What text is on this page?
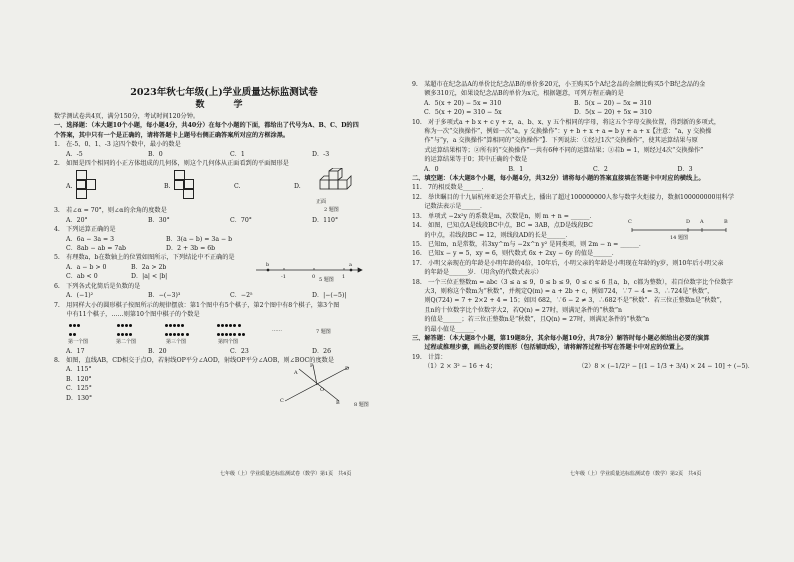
2023年秋七年级(上)学业质量达标监测试卷
数　学

数学测试卷共4页，满分150分，考试时间120分钟。

一、选择题：（本大题10个小题，每小题4分，共40分）在每个小题的下面，都给出了代号为A、B、C、D的四

个答案，其中只有一个是正确的，请将答题卡上题号右侧正确答案所对应的方框涂黑。

1.　在-5、0、1、-3 这四个数中，最小的数是

A．-5	B．0	C．1	D．-3

2.　如图是四个相同的小正方体组成的几何体，则这个几何体从正面看到的平面图形是

A.	B.	C.	D.
正面
2 题图

3.　若∠α = 70°，则∠α的余角的度数是

A．20°	B．30°	C．70°	D．110°

4.　下列运算正确的是

A．6a − 3a = 3	B．3(a − b) = 3a − b
C．8ab − ab = 7ab	D．2 + 3b = 6b

5.　有理数a，b在数轴上的位置如图所示，下列结论中不正确的是

A．a − b > 0	B．2a > 2b
C．ab < 0	D．|a| < |b|
b
-1	0	1
a
5 题图

6.　下列各式化简后是负数的是

A．(−1)²	B．−(−3)³	C．−2⁵	D．|−(−5)|

7.　用同样大小的圆形棋子按图所示的规律摆放：第1个图中有5个棋子，第2个图中有8个棋子，第3个图

　　中有11个棋子，……则第10个图中棋子的个数是

第一个图	第二个图	第三个图	第四个图
……	7 题图
A．17	B．20	C．23	D．26

8.　如图，直线AB，CD相交于点O，若射线OP平分∠AOD，射线OP平分∠AOB，则∠BOC的度数是

A．115°
B．120°
C．125°
D．130°
P
A
D
C
O
B	8 题图

9.　某超市在纪念品A的单价比纪念品B的单价多20元，小王购买5个A纪念品的金额比购买5个B纪念品的金

　　额多310元，如果设纪念品B的单价为x元，根据题意，可列方程正确的是

A．5(x + 20) − 5x = 310	B．5(x − 20) − 5x = 310
C．5(x + 20) = 310 − 5x	D．5(x − 20) + 5x = 310

10.　对于多项式a + b x + c y + z，a、b、x、y 五个相同的字母，将这五个字母交换位置，得到新的多项式，

　　称为一次“交换操作”，例如一次“a，y 交换操作”：y + b + x + a = b y + a + x【注意：“a，y 交换操

　　作”与“y，a 交换操作”算相同的“交换操作”】．下列说法：①经过1次“交换操作”，使其运算结果与原

　　式运算结果相等；②所有的“交换操作”一共有6种不同的运算结果；③若b = 1，则经过4次“交换操作”

　　的运算结果等于0；其中正确的个数是

A．0	B．1	C．2	D．3

二、填空题：（本大题8个小题，每小题4分，共32分）请将每小题的答案直接填在答题卡中对应的横线上。

11.　7的相反数是______．

12.　举世瞩目的十九届杭州亚运会开幕式上，播出了超过100000000人参与数字火炬接力，数据100000000用科学

　　记数法表示是______．

13.　单项式 −2x²y 的系数是m，次数是n，则 m + n = ______．

14.　如图，已知点A是线段BC中点，BC = 3AB，点D是线段BC

　　的中点，若线段BC = 12，则线段AD的长是______．

C	D A	B
14 题图

15.　已知m，n是常数，若3xy^m与 −2x^n y² 是同类项，则 2m − n = ______．

16.　已知x − y = 5，xy = 6，则代数式 6x + 2xy − 6y 的值是______．

17.　小明父亲现在的年龄是小明年龄的4倍，10年后，小明父亲的年龄是小明现在年龄的y岁，则10年后小明父亲

　　的年龄是______岁．（用含y的代数式表示）

18.　一个三位正整数m = abc（3 ≤ a ≤ 9，0 ≤ b ≤ 9，0 ≤ c ≤ 6 且a，b，c都为整数），若百位数字比个位数字

　　大3，则称这个数m为“秋数”，并规定Q(m) = a + 2b + c，例如724，∵7 − 4 = 3，∴724是“秋数”，

　　则Q(724) = 7 + 2×2 + 4 = 15；如因 682，∵6 − 2 ≠ 3，∴682不是“秋数”．若三位正整数n是“秋数”，

　　且n的十位数字比个位数字大2，若Q(n) = 27时，则满足条件的“秋数”n

　　的值是______；若三位正整数n是“秋数”，且Q(n) = 27时，则满足条件的“秋数”n

　　的最小值是______．

三、解答题：（本大题8个小题，第19题8分，其余每小题10分，共78分）解答时每小题必须给出必要的演算

　　过程或推理步骤，画出必要的图形（包括辅助线），请将解答过程书写在答题卡中对应的位置上。

19.　计算：

（1）2 × 3² − 16 + 4；	（2）8 × (−1/2)² − [(1 − 1/3 + 3/4) × 24 − 10] ÷ (−5)．
七年级（上）学业质量达标监测试卷（数学）第1页　共4页	七年级（上）学业质量达标监测试卷（数学）第2页　共4页
